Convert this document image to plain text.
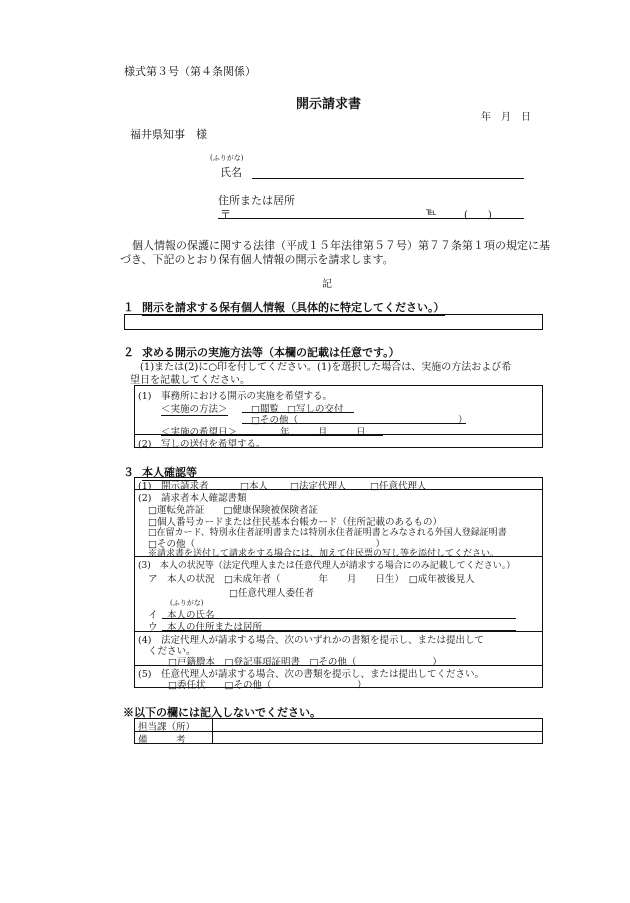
様式第３号（第４条関係）
開示請求書
年　月　日
福井県知事　様
(ふりがな)
氏名
住所または居所
〒	℡	(　　)
個人情報の保護に関する法律（平成１５年法律第５７号）第７７条第１項の規定に基
づき、下記のとおり保有個人情報の開示を請求します。
記
１ 開示を請求する保有個人情報（具体的に特定してください。）
２ 求める開示の実施方法等（本欄の記載は任意です。）
(1)または(2)に○印を付してください。(1)を選択した場合は、実施の方法および希
望日を記載してください。
(1)　事務所における開示の実施を希望する。
＜実施の方法＞ □閲覧 □写しの交付
□その他（	）
＜実施の希望日＞	年　　　月　　　日
(2)　写しの送付を希望する。
３ 本人確認等
(1)　開示請求者	□本人 □法定代理人 □任意代理人
(2)　請求者本人確認書類
□運転免許証　　□健康保険被保険者証
□個人番号カードまたは住民基本台帳カード（住所記載のあるもの）
□在留カード、特別永住者証明書または特別永住者証明書とみなされる外国人登録証明書
□その他（　　　　　　　　　　　　　　　　　　　）
※請求書を送付して請求をする場合には、加えて住民票の写し等を添付してください。
(3)　本人の状況等（法定代理人または任意代理人が請求する場合にのみ記載してください。）
ア　本人の状況　□未成年者（　　　　年　　月　　日生）　□成年被後見人
□任意代理人委任者
(ふりがな)
イ　本人の氏名
ウ　本人の住所または居所
(4)　法定代理人が請求する場合、次のいずれかの書類を提示し、または提出して
ください。
□戸籍謄本　□登記事項証明書　□その他（　　　　　　　　）
(5)　任意代理人が請求する場合、次の書類を提示し、または提出してください。
□委任状　　□その他（　　　　　　　　　）
※以下の欄には記入しないでください。
担当課（所）
備　　　考
